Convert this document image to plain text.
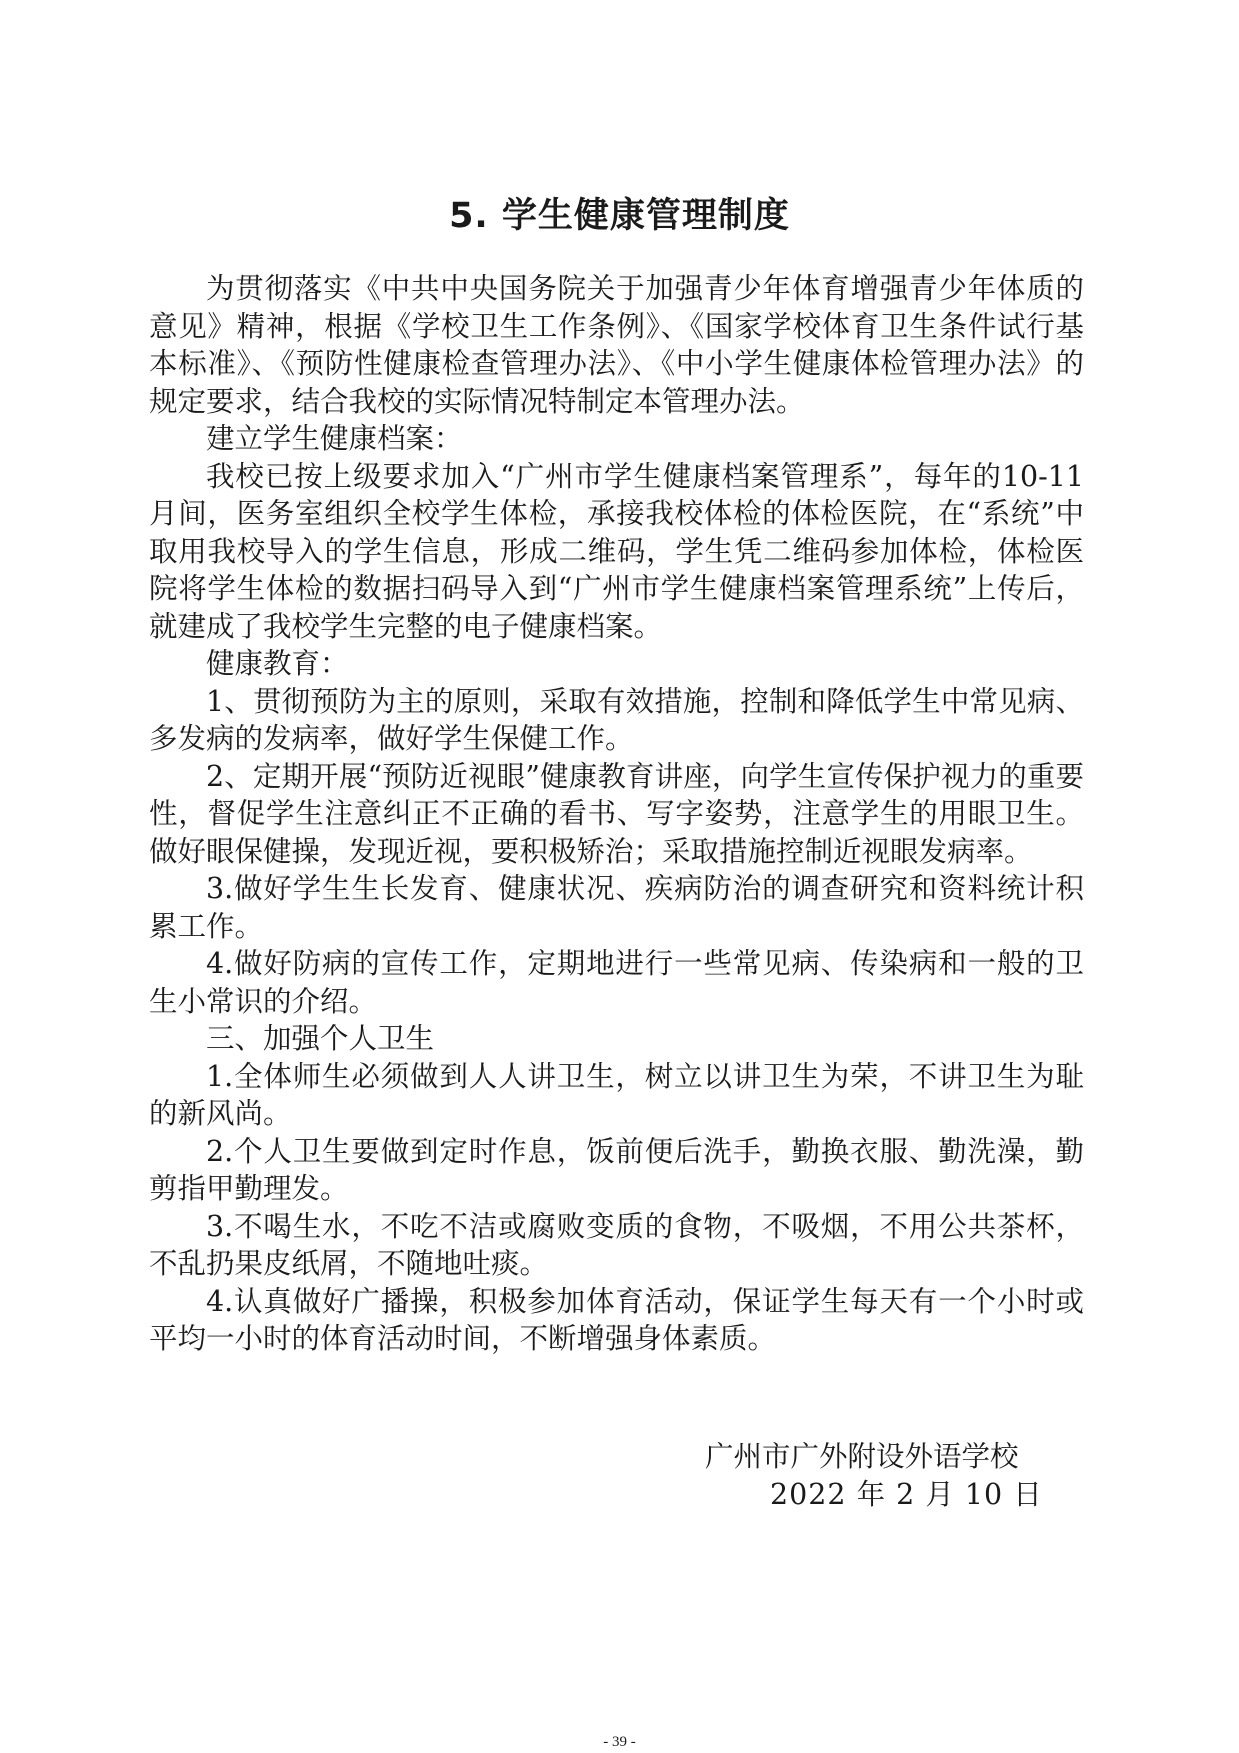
5. 学生健康管理制度

为贯彻落实《中共中央国务院关于加强青少年体育增强青少年体质的意见》精神，根据《学校卫生工作条例》、《国家学校体育卫生条件试行基本标准》、《预防性健康检查管理办法》、《中小学生健康体检管理办法》的规定要求，结合我校的实际情况特制定本管理办法。

建立学生健康档案：

我校已按上级要求加入“广州市学生健康档案管理系”，每年的10-11月间，医务室组织全校学生体检，承接我校体检的体检医院，在“系统”中取用我校导入的学生信息，形成二维码，学生凭二维码参加体检，体检医院将学生体检的数据扫码导入到“广州市学生健康档案管理系统”上传后，就建成了我校学生完整的电子健康档案。

健康教育：

1、贯彻预防为主的原则，采取有效措施，控制和降低学生中常见病、多发病的发病率，做好学生保健工作。

2、定期开展“预防近视眼”健康教育讲座，向学生宣传保护视力的重要性，督促学生注意纠正不正确的看书、写字姿势，注意学生的用眼卫生。做好眼保健操，发现近视，要积极矫治；采取措施控制近视眼发病率。

3.做好学生生长发育、健康状况、疾病防治的调查研究和资料统计积累工作。

4.做好防病的宣传工作，定期地进行一些常见病、传染病和一般的卫生小常识的介绍。

三、加强个人卫生

1.全体师生必须做到人人讲卫生，树立以讲卫生为荣，不讲卫生为耻的新风尚。

2.个人卫生要做到定时作息，饭前便后洗手，勤换衣服、勤洗澡，勤剪指甲勤理发。

3.不喝生水，不吃不洁或腐败变质的食物，不吸烟，不用公共茶杯，不乱扔果皮纸屑，不随地吐痰。

4.认真做好广播操，积极参加体育活动，保证学生每天有一个小时或平均一小时的体育活动时间，不断增强身体素质。

广州市广外附设外语学校
2022 年 2 月 10 日
- 39 -
